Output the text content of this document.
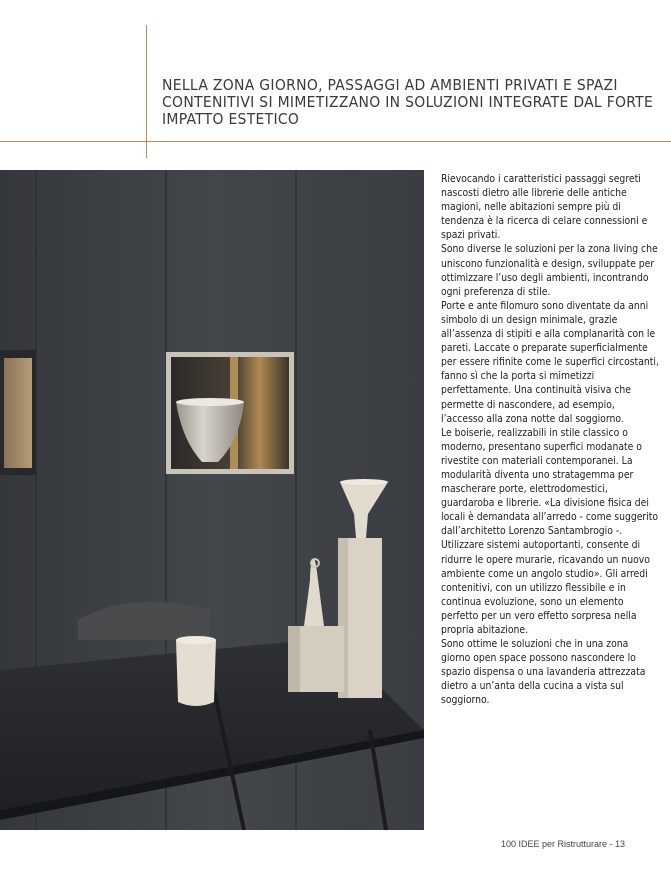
NELLA ZONA GIORNO, PASSAGGI AD AMBIENTI PRIVATI E SPAZI CONTENITIVI SI MIMETIZZANO IN SOLUZIONI INTEGRATE DAL FORTE IMPATTO ESTETICO

Rievocando i caratteristici passaggi segreti nascosti dietro alle librerie delle antiche magioni, nelle abitazioni sempre più di tendenza è la ricerca di celare connessioni e spazi privati.

Sono diverse le soluzioni per la zona living che uniscono funzionalità e design, sviluppate per ottimizzare l’uso degli ambienti, incontrando ogni preferenza di stile.

Porte e ante filomuro sono diventate da anni simbolo di un design minimale, grazie all’assenza di stipiti e alla complanarità con le pareti. Laccate o preparate superficialmente per essere rifinite come le superfici circostanti, fanno sì che la porta si mimetizzi perfettamente. Una continuità visiva che permette di nascondere, ad esempio, l’accesso alla zona notte dal soggiorno.

Le boiserie, realizzabili in stile classico o moderno, presentano superfici modanate o rivestite con materiali contemporanei. La modularità diventa uno stratagemma per mascherare porte, elettrodomestici, guardaroba e librerie. «La divisione fisica dei locali è demandata all’arredo - come suggerito dall’architetto Lorenzo Santambrogio -. Utilizzare sistemi autoportanti, consente di ridurre le opere murarie, ricavando un nuovo ambiente come un angolo studio». Gli arredi contenitivi, con un utilizzo flessibile e in continua evoluzione, sono un elemento perfetto per un vero effetto sorpresa nella propria abitazione.

Sono ottime le soluzioni che in una zona giorno open space possono nascondere lo spazio dispensa o una lavanderia attrezzata dietro a un’anta della cucina a vista sul soggiorno.

100 IDEE per Ristrutturare - 13
